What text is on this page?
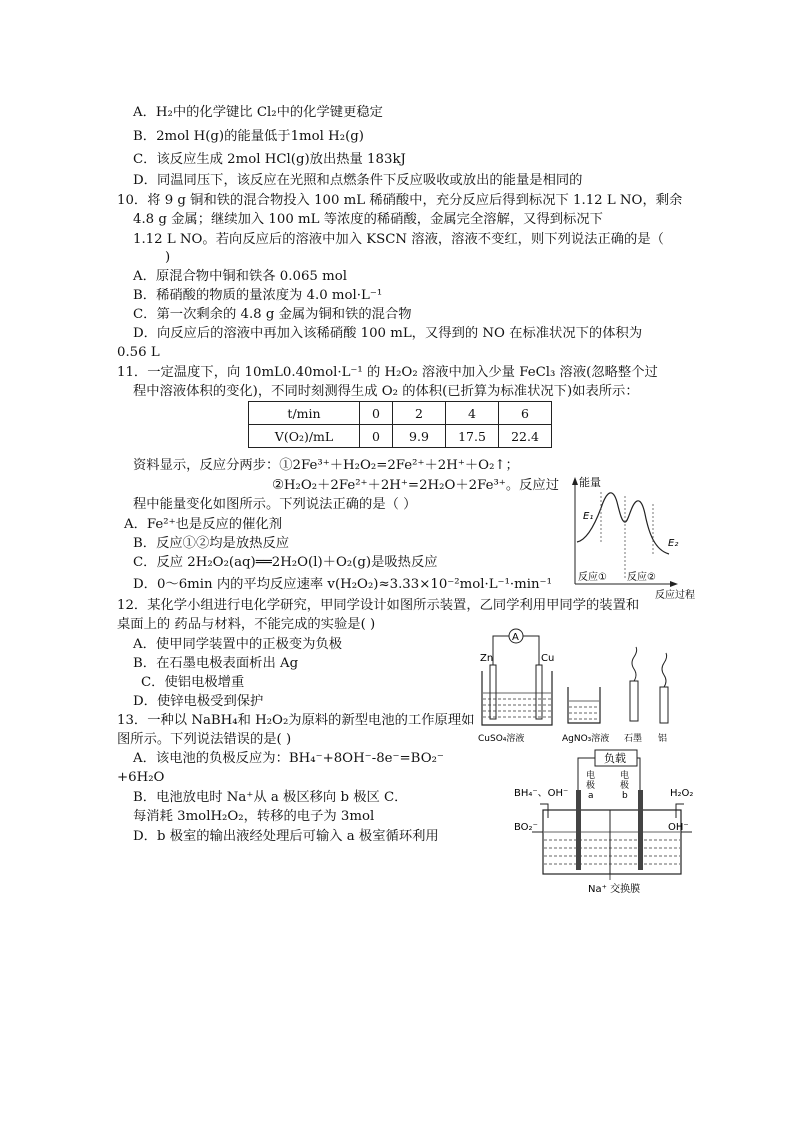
A．H₂中的化学键比 Cl₂中的化学键更稳定
B．2mol H(g)的能量低于1mol H₂(g)
C．该反应生成 2mol HCl(g)放出热量 183kJ
D．同温同压下，该反应在光照和点燃条件下反应吸收或放出的能量是相同的
10．将 9 g 铜和铁的混合物投入 100 mL 稀硝酸中，充分反应后得到标况下 1.12 L NO，剩余
4.8 g 金属；继续加入 100 mL 等浓度的稀硝酸，金属完全溶解，又得到标况下
1.12 L NO。若向反应后的溶液中加入 KSCN 溶液，溶液不变红，则下列说法正确的是（
)
A．原混合物中铜和铁各 0.065 mol
B．稀硝酸的物质的量浓度为 4.0 mol·L⁻¹
C．第一次剩余的 4.8 g 金属为铜和铁的混合物
D．向反应后的溶液中再加入该稀硝酸 100 mL，又得到的 NO 在标准状况下的体积为
0.56 L
11．一定温度下，向 10mL0.40mol·L⁻¹ 的 H₂O₂ 溶液中加入少量 FeCl₃ 溶液(忽略整个过
程中溶液体积的变化)，不同时刻测得生成 O₂ 的体积(已折算为标准状况下)如表所示：
t/min	0	2	4	6
V(O₂)/mL	0	9.9	17.5	22.4
资料显示，反应分两步：①2Fe³⁺＋H₂O₂=2Fe²⁺＋2H⁺＋O₂↑；
②H₂O₂＋2Fe²⁺＋2H⁺=2H₂O＋2Fe³⁺。反应过
程中能量变化如图所示。下列说法正确的是（ ）
A．Fe²⁺也是反应的催化剂
B．反应①②均是放热反应
C．反应 2H₂O₂(aq)══2H₂O(l)＋O₂(g)是吸热反应
D．0～6min 内的平均反应速率 v(H₂O₂)≈3.33×10⁻²mol·L⁻¹·min⁻¹
能量
E₁
E₂
反应① 反应②
反应过程
12．某化学小组进行电化学研究，甲同学设计如图所示装置，乙同学利用甲同学的装置和
桌面上的 药品与材料，不能完成的实验是( )
A．使甲同学装置中的正极变为负极
B．在石墨电极表面析出 Ag
C．使铝电极增重
D．使锌电极受到保护
A
Zn	Cu
CuSO₄溶液	AgNO₃溶液 石墨 铝
13．一种以 NaBH₄和 H₂O₂为原料的新型电池的工作原理如
图所示。下列说法错误的是( )
A．该电池的负极反应为：BH₄⁻+8OH⁻-8e⁻=BO₂⁻
+6H₂O
B．电池放电时 Na⁺从 a 极区移向 b 极区 C．
每消耗 3molH₂O₂，转移的电子为 3mol
D．b 极室的输出液经处理后可输入 a 极室循环利用
负载
电
极
a
电
极
b
BH₄⁻、OH⁻	H₂O₂
BO₂⁻	OH⁻
Na⁺ 交换膜
